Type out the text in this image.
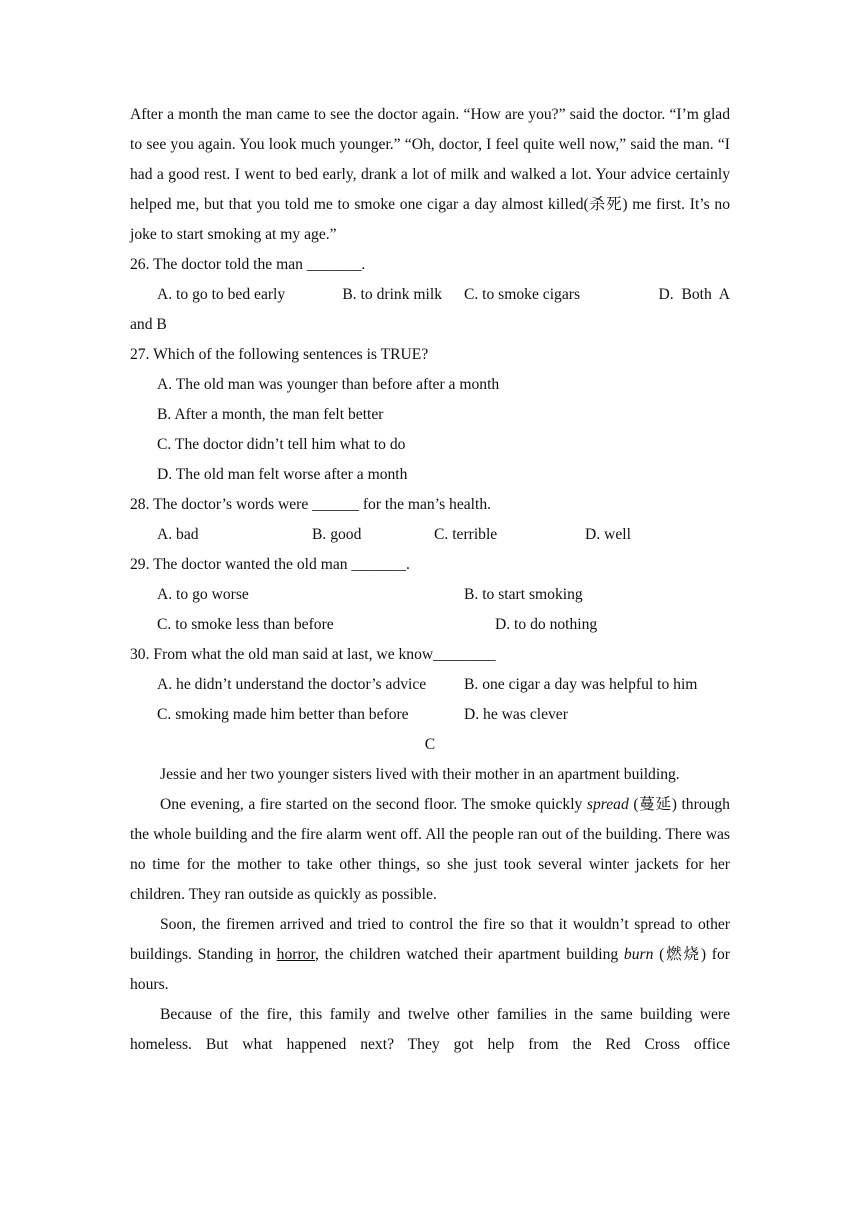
After a month the man came to see the doctor again. “How are you?” said the doctor. “I’m glad to see you again. You look much younger.” “Oh, doctor, I feel quite well now,” said the man. “I had a good rest. I went to bed early, drank a lot of milk and walked a lot. Your advice certainly helped me, but that you told me to smoke one cigar a day almost killed(杀死) me first. It’s no joke to start smoking at my age.”

26. The doctor told the man _______.

A. to go to bed early	B. to drink milk	C. to smoke cigars	D.  Both  A

and B

27. Which of the following sentences is TRUE?

A. The old man was younger than before after a month

B. After a month, the man felt better

C. The doctor didn’t tell him what to do

D. The old man felt worse after a month

28. The doctor’s words were ______ for the man’s health.

A. bad	B. good	C. terrible	D. well

29. The doctor wanted the old man _______.

A. to go worse	B. to start smoking
C. to smoke less than before	D. to do nothing

30. From what the old man said at last, we know________

A. he didn’t understand the doctor’s advice	B. one cigar a day was helpful to him
C. smoking made him better than before	D. he was clever

C

Jessie and her two younger sisters lived with their mother in an apartment building.

One evening, a fire started on the second floor. The smoke quickly spread (蔓延) through the whole building and the fire alarm went off. All the people ran out of the building. There was no time for the mother to take other things, so she just took several winter jackets for her children. They ran outside as quickly as possible.

Soon, the firemen arrived and tried to control the fire so that it wouldn’t spread to other buildings. Standing in horror, the children watched their apartment building burn (燃烧) for hours.

Because of the fire, this family and twelve other families in the same building were homeless. But what happened next? They got help from the Red Cross office
